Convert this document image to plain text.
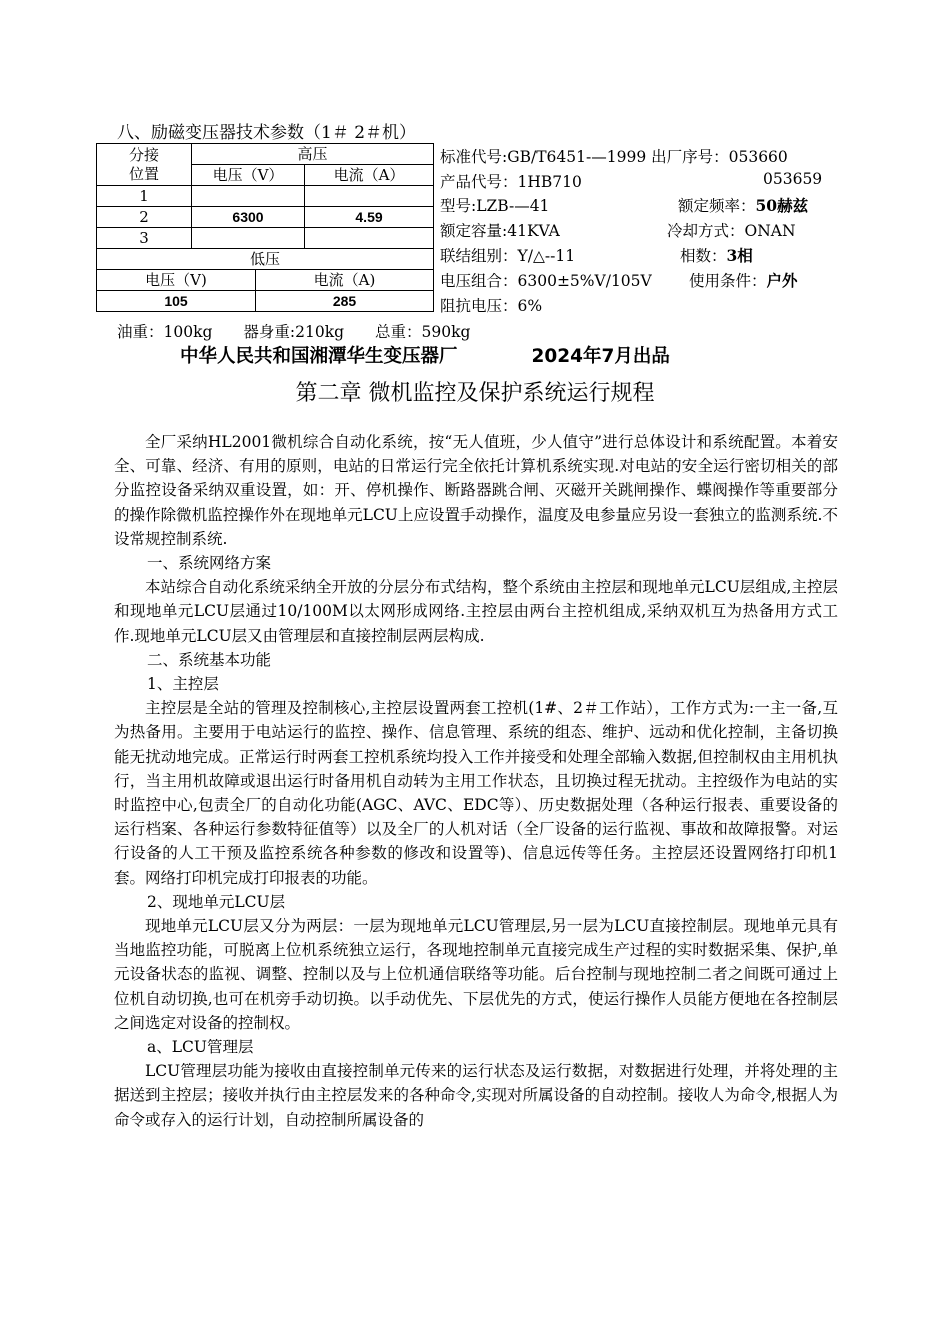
八、励磁变压器技术参数（1＃ 2＃机）
分接
位置	高压		
	电压（V）		电流（A）
1			
2	6300		4.59
3			
低压			
电压（V)		电流（A)	
105		285	
标准代号:GB/T6451-—1999 出厂序号：053660
产品代号：1HB710	053659
型号:LZB-—41	额定频率：50赫兹
额定容量:41KVA	冷却方式：ONAN
联结组别：Y/△--11	相数：3相
电压组合：6300±5%V/105V 使用条件：户外
阻抗电压：6%
油重：100kg　　器身重:210kg　　总重：590kg
中华人民共和国湘潭华生变压器厂　　　　2024年7月出品
第二章 微机监控及保护系统运行规程

全厂采纳HL2001微机综合自动化系统，按“无人值班，少人值守”进行总体设计和系统配置。本着安全、可靠、经济、有用的原则，电站的日常运行完全依托计算机系统实现.对电站的安全运行密切相关的部分监控设备采纳双重设置，如：开、停机操作、断路器跳合闸、灭磁开关跳闸操作、蝶阀操作等重要部分的操作除微机监控操作外在现地单元LCU上应设置手动操作，温度及电参量应另设一套独立的监测系统.不设常规控制系统.

一、系统网络方案

本站综合自动化系统采纳全开放的分层分布式结构，整个系统由主控层和现地单元LCU层组成,主控层和现地单元LCU层通过10/100M以太网形成网络.主控层由两台主控机组成,采纳双机互为热备用方式工作.现地单元LCU层又由管理层和直接控制层两层构成.

二、系统基本功能

1、主控层

主控层是全站的管理及控制核心,主控层设置两套工控机(1#、2＃工作站），工作方式为:一主一备,互为热备用。主要用于电站运行的监控、操作、信息管理、系统的组态、维护、远动和优化控制，主备切换能无扰动地完成。正常运行时两套工控机系统均投入工作并接受和处理全部输入数据,但控制权由主用机执行，当主用机故障或退出运行时备用机自动转为主用工作状态，且切换过程无扰动。主控级作为电站的实时监控中心,包责全厂的自动化功能(AGC、AVC、EDC等）、历史数据处理（各种运行报表、重要设备的运行档案、各种运行参数特征值等）以及全厂的人机对话（全厂设备的运行监视、事故和故障报警。对运行设备的人工干预及监控系统各种参数的修改和设置等)、信息远传等任务。主控层还设置网络打印机1套。网络打印机完成打印报表的功能。

2、现地单元LCU层

现地单元LCU层又分为两层：一层为现地单元LCU管理层,另一层为LCU直接控制层。现地单元具有当地监控功能，可脱离上位机系统独立运行，各现地控制单元直接完成生产过程的实时数据采集、保护,单元设备状态的监视、调整、控制以及与上位机通信联络等功能。后台控制与现地控制二者之间既可通过上位机自动切换,也可在机旁手动切换。以手动优先、下层优先的方式，使运行操作人员能方便地在各控制层之间选定对设备的控制权。

a、LCU管理层

LCU管理层功能为接收由直接控制单元传来的运行状态及运行数据，对数据进行处理，并将处理的主据送到主控层；接收并执行由主控层发来的各种命令,实现对所属设备的自动控制。接收人为命令,根据人为命令或存入的运行计划，自动控制所属设备的
